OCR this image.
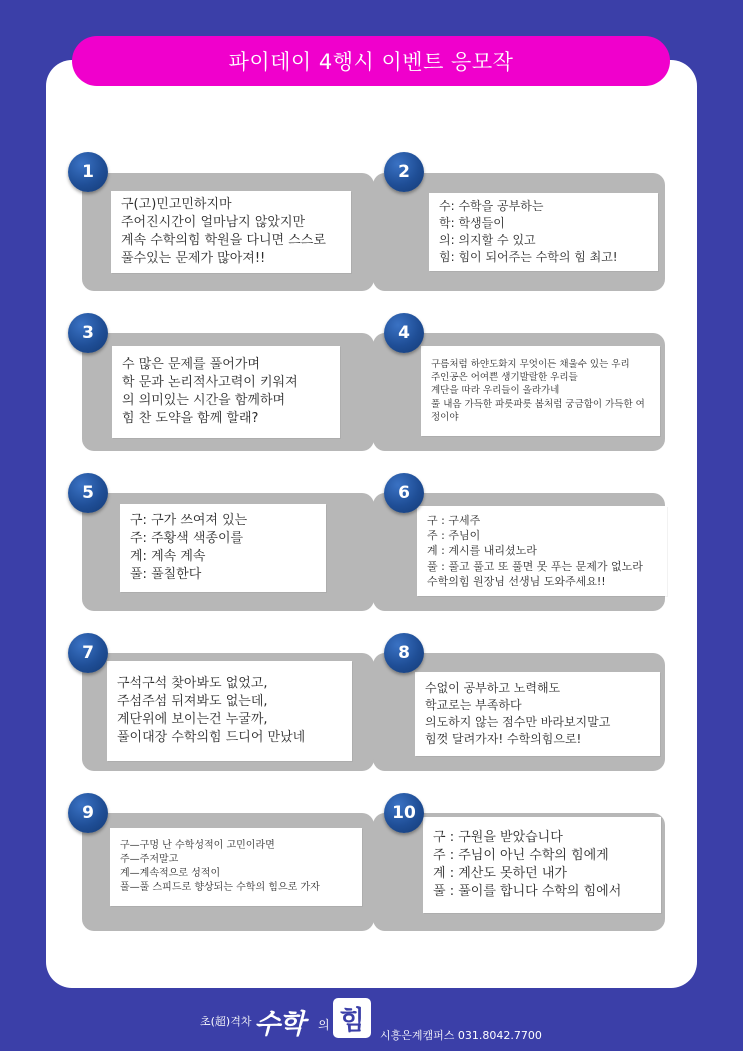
파이데이 4행시 이벤트 응모작
구(고)민고민하지마
주어진시간이 얼마남지 않았지만
계속 수학의힘 학원을 다니면 스스로
풀수있는 문제가 많아져!!
1
수: 수학을 공부하는
학: 학생들이
의: 의지할 수 있고
힘: 힘이 되어주는 수학의 힘 최고!
2
수 많은 문제를 풀어가며
학 문과 논리적사고력이 키워져
의 의미있는 시간을 함께하며
힘 찬 도약을 함께 할래?
3
구름처럼 하얀도화지 무엇이든 채울수 있는 우리
주인공은 어여쁜 생기발랄한 우리들
계단을 따라 우리들이 올라가네
풀 내음 가득한 파릇파릇 봄처럼 궁금함이 가득한 여
정이야
4
구: 구가 쓰여져 있는
주: 주황색 색종이를
계: 계속 계속
풀: 풀칠한다
5
구 : 구세주
주 : 주님이
계 : 계시를 내리셨노라
풀 : 풀고 풀고 또 풀면 못 푸는 문제가 없노라
수학의힘 원장님 선생님 도와주세요!!
6
구석구석 찾아봐도 없었고,
주섬주섬 뒤져봐도 없는데,
계단위에 보이는건 누굴까,
풀이대장 수학의힘 드디어 만났네
7
수없이 공부하고 노력해도
학교로는 부족하다
의도하지 않는 점수만 바라보지말고
힘껏 달려가자! 수학의힘으로!
8
구—구멍 난 수학성적이 고민이라면
주—주저말고
계—계속적으로 성적이
풀—풀 스피드로 향상되는 수학의 힘으로 가자
9
구 : 구원을 받았습니다
주 : 주님이 아닌 수학의 힘에게
계 : 계산도 못하던 내가
풀 : 풀이를 합니다 수학의 힘에서
10
초(超)격차 수학 의 힘	시흥은계캠퍼스 031.8042.7700
